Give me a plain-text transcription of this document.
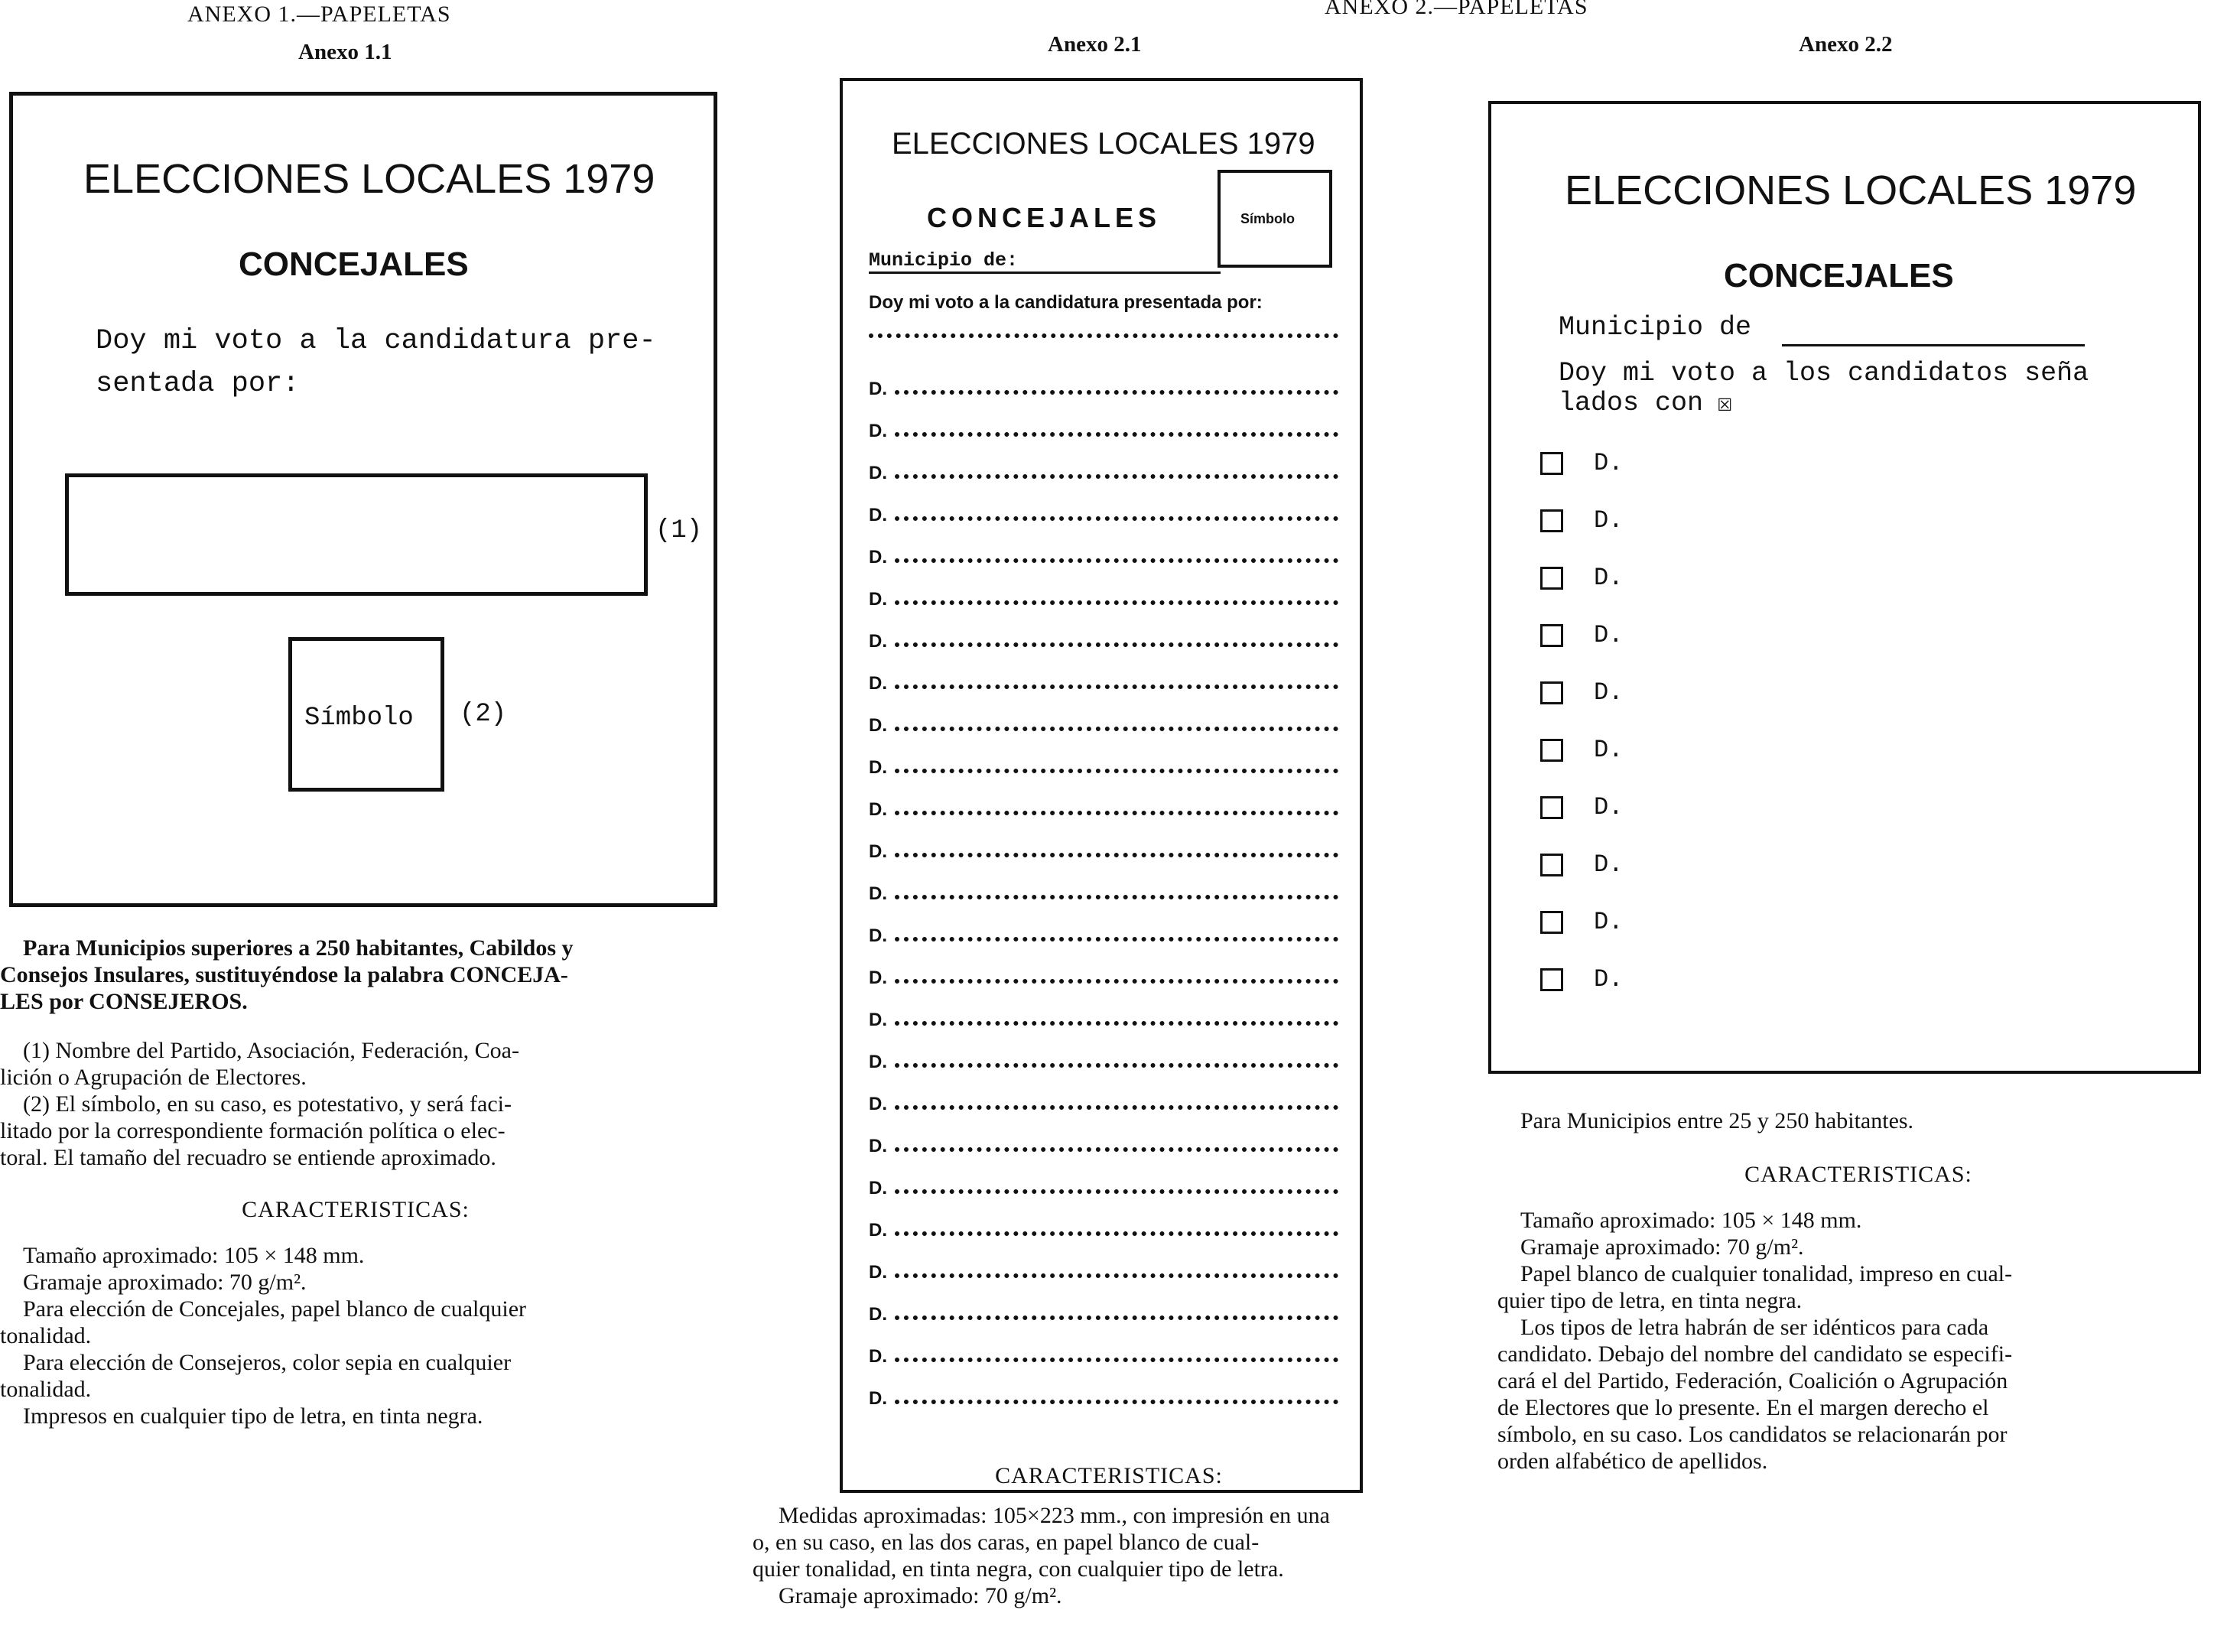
ANEXO 1.—PAPELETAS
Anexo 1.1
ELECCIONES LOCALES 1979
CONCEJALES
Doy mi voto a la candidatura pre-
sentada por:
(1)
Símbolo (2)
Para Municipios superiores a 250 habitantes, Cabildos y
Consejos Insulares, sustituyéndose la palabra CONCEJA-
LES por CONSEJEROS.
(1) Nombre del Partido, Asociación, Federación, Coa-
lición o Agrupación de Electores.
(2) El símbolo, en su caso, es potestativo, y será faci-
litado por la correspondiente formación política o elec-
toral. El tamaño del recuadro se entiende aproximado.
CARACTERISTICAS:
Tamaño aproximado: 105 × 148 mm.
Gramaje aproximado: 70 g/m².
Para elección de Concejales, papel blanco de cualquier
tonalidad.
Para elección de Consejeros, color sepia en cualquier
tonalidad.
Impresos en cualquier tipo de letra, en tinta negra.
ANEXO 2.—PAPELETAS
Anexo 2.1
ELECCIONES LOCALES 1979
CONCEJALES	Símbolo
Municipio de:
Doy mi voto a la candidatura presentada por:
D.
D.
D.
D.
D.
D.
D.
D.
D.
D.
D.
D.
D.
D.
D.
D.
D.
D.
D.
D.
D.
D.
D.
D.
D.
CARACTERISTICAS:
Medidas aproximadas: 105×223 mm., con impresión en una
o, en su caso, en las dos caras, en papel blanco de cual-
quier tonalidad, en tinta negra, con cualquier tipo de letra.
Gramaje aproximado: 70 g/m².
Anexo 2.2
ELECCIONES LOCALES 1979
CONCEJALES
Municipio de
Doy mi voto a los candidatos seña
lados con ☒
D.
D.
D.
D.
D.
D.
D.
D.
D.
D.
Para Municipios entre 25 y 250 habitantes.
CARACTERISTICAS:
Tamaño aproximado: 105 × 148 mm.
Gramaje aproximado: 70 g/m².
Papel blanco de cualquier tonalidad, impreso en cual-
quier tipo de letra, en tinta negra.
Los tipos de letra habrán de ser idénticos para cada
candidato. Debajo del nombre del candidato se especifi-
cará el del Partido, Federación, Coalición o Agrupación
de Electores que lo presente. En el margen derecho el
símbolo, en su caso. Los candidatos se relacionarán por
orden alfabético de apellidos.
